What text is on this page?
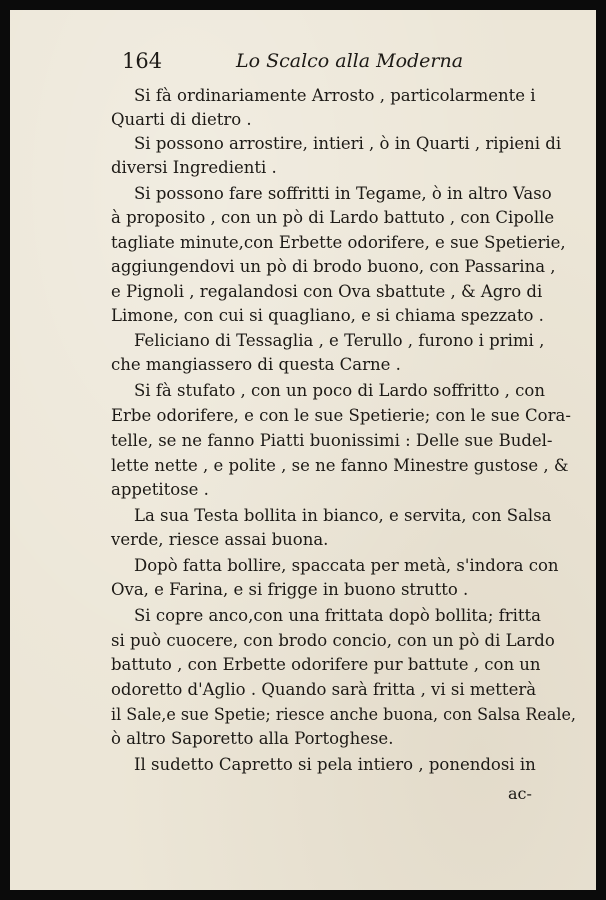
164	Lo Scalco alla Moderna
Si fà ordinariamente Arrosto , particolarmente i
Quarti di dietro .
Si possono arrostire, intieri , ò in Quarti , ripieni di
diversi Ingredienti .
Si possono fare soffritti in Tegame, ò in altro Vaso
à proposito , con un pò di Lardo battuto , con Cipolle
tagliate minute,con Erbette odorifere, e sue Spetierie,
aggiungendovi un pò di brodo buono, con Passarina ,
e Pignoli , regalandosi con Ova sbattute , & Agro di
Limone, con cui si quagliano, e si chiama spezzato .
Feliciano di Tessaglia , e Terullo , furono i primi ,
che mangiassero di questa Carne .
Si fà stufato , con un poco di Lardo soffritto , con
Erbe odorifere, e con le sue Spetierie; con le sue Cora-
telle, se ne fanno Piatti buonissimi : Delle sue Budel-
lette nette , e polite , se ne fanno Minestre gustose , &
appetitose .
La sua Testa bollita in bianco, e servita, con Salsa
verde, riesce assai buona.
Dopò fatta bollire, spaccata per metà, s'indora con
Ova, e Farina, e si frigge in buono strutto .
Si copre anco,con una frittata dopò bollita; fritta
si può cuocere, con brodo concio, con un pò di Lardo
battuto , con Erbette odorifere pur battute , con un
odoretto d'Aglio . Quando sarà fritta , vi si metterà
il Sale,e sue Spetie; riesce anche buona, con Salsa Reale,
ò altro Saporetto alla Portoghese.
Il sudetto Capretto si pela intiero , ponendosi in
ac-
